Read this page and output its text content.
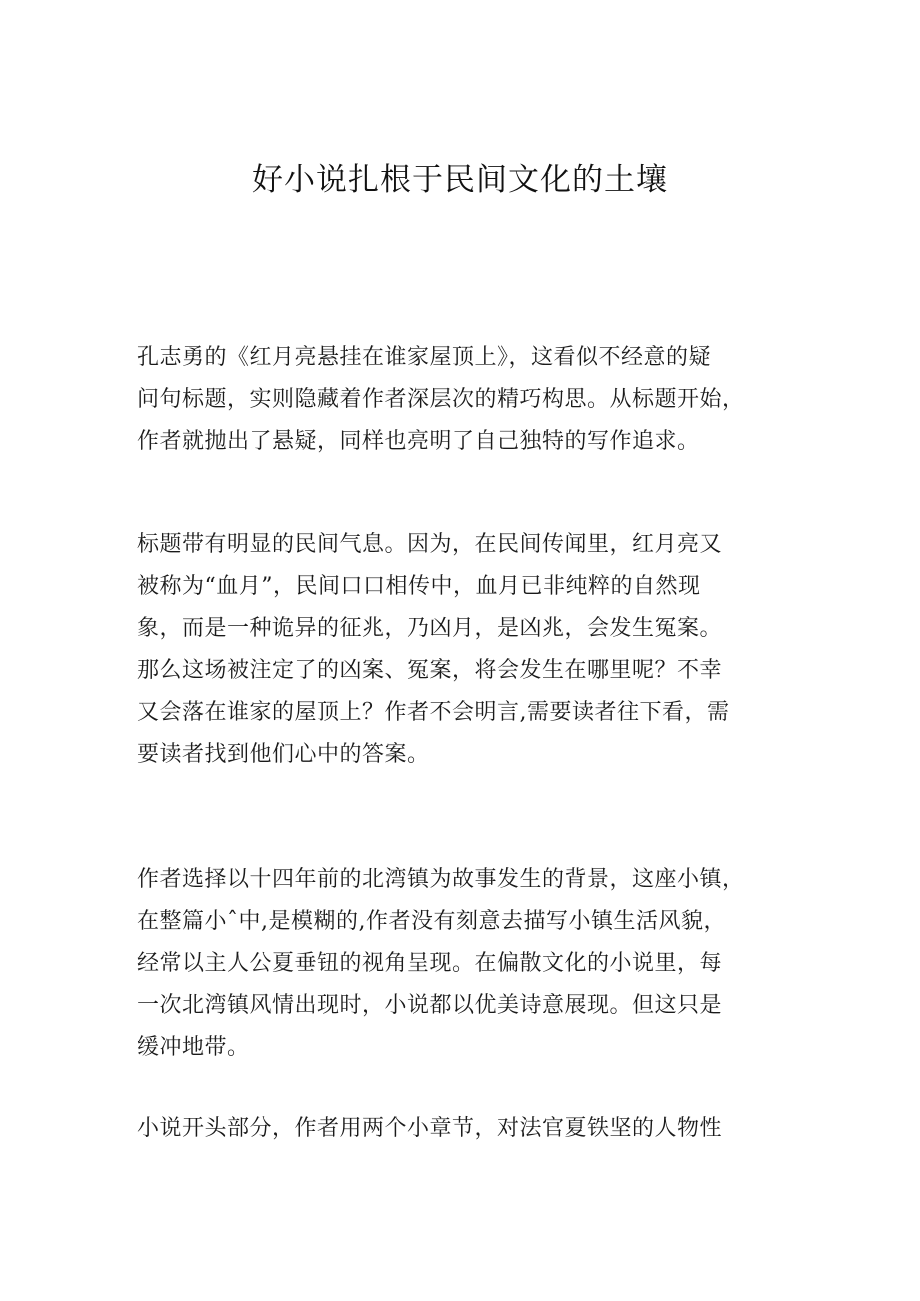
好小说扎根于民间文化的土壤

孔志勇的《红月亮悬挂在谁家屋顶上》，这看似不经意的疑
问句标题，实则隐藏着作者深层次的精巧构思。从标题开始，
作者就抛出了悬疑，同样也亮明了自己独特的写作追求。

标题带有明显的民间气息。因为，在民间传闻里，红月亮又
被称为“血月”，民间口口相传中，血月已非纯粹的自然现
象，而是一种诡异的征兆，乃凶月，是凶兆，会发生冤案。
那么这场被注定了的凶案、冤案，将会发生在哪里呢？不幸
又会落在谁家的屋顶上？作者不会明言,需要读者往下看，需
要读者找到他们心中的答案。

作者选择以十四年前的北湾镇为故事发生的背景，这座小镇，
在整篇小ˆ中,是模糊的,作者没有刻意去描写小镇生活风貌，
经常以主人公夏垂钮的视角呈现。在偏散文化的小说里，每
一次北湾镇风情出现时，小说都以优美诗意展现。但这只是
缓冲地带。

小说开头部分，作者用两个小章节，对法官夏铁坚的人物性
